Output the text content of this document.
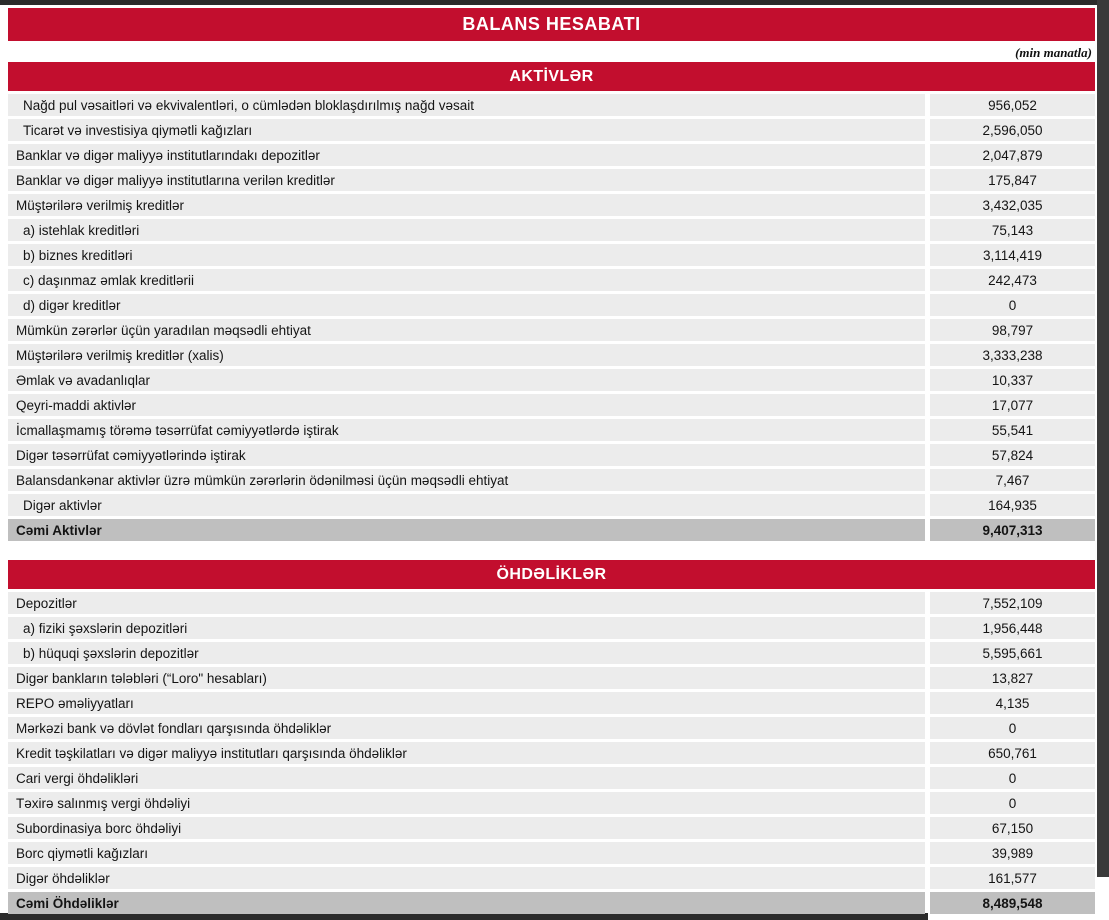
BALANS HESABATI
(min manatla)
AKTİVLƏR
Nağd pul vəsaitləri və ekvivalentləri, o cümlədən bloklaşdırılmış nağd vəsait	956,052
Ticarət və investisiya qiymətli kağızları	2,596,050
Banklar və digər maliyyə institutlarındakı depozitlər	2,047,879
Banklar və digər maliyyə institutlarına verilən kreditlər	175,847
Müştərilərə verilmiş kreditlər	3,432,035
a) istehlak kreditləri	75,143
b) biznes kreditləri	3,114,419
c) daşınmaz əmlak kreditlərii	242,473
d) digər kreditlər	0
Mümkün zərərlər üçün yaradılan məqsədli ehtiyat	98,797
Müştərilərə verilmiş kreditlər (xalis)	3,333,238
Əmlak və avadanlıqlar	10,337
Qeyri-maddi aktivlər	17,077
İcmallaşmamış törəmə təsərrüfat cəmiyyətlərdə iştirak	55,541
Digər təsərrüfat cəmiyyətlərində iştirak	57,824
Balansdankənar aktivlər üzrə mümkün zərərlərin ödənilməsi üçün məqsədli ehtiyat	7,467
Digər aktivlər	164,935
Cəmi Aktivlər	9,407,313
ÖHDƏLİKLƏR
Depozitlər	7,552,109
a) fiziki şəxslərin depozitləri	1,956,448
b) hüquqi şəxslərin depozitlər	5,595,661
Digər bankların tələbləri (“Loro" hesabları)	13,827
REPO əməliyyatları	4,135
Mərkəzi bank və dövlət fondları qarşısında öhdəliklər	0
Kredit təşkilatları və digər maliyyə institutları qarşısında öhdəliklər	650,761
Cari vergi öhdəlikləri	0
Təxirə salınmış vergi öhdəliyi	0
Subordinasiya borc öhdəliyi	67,150
Borc qiymətli kağızları	39,989
Digər öhdəliklər	161,577
Cəmi Öhdəliklər	8,489,548
